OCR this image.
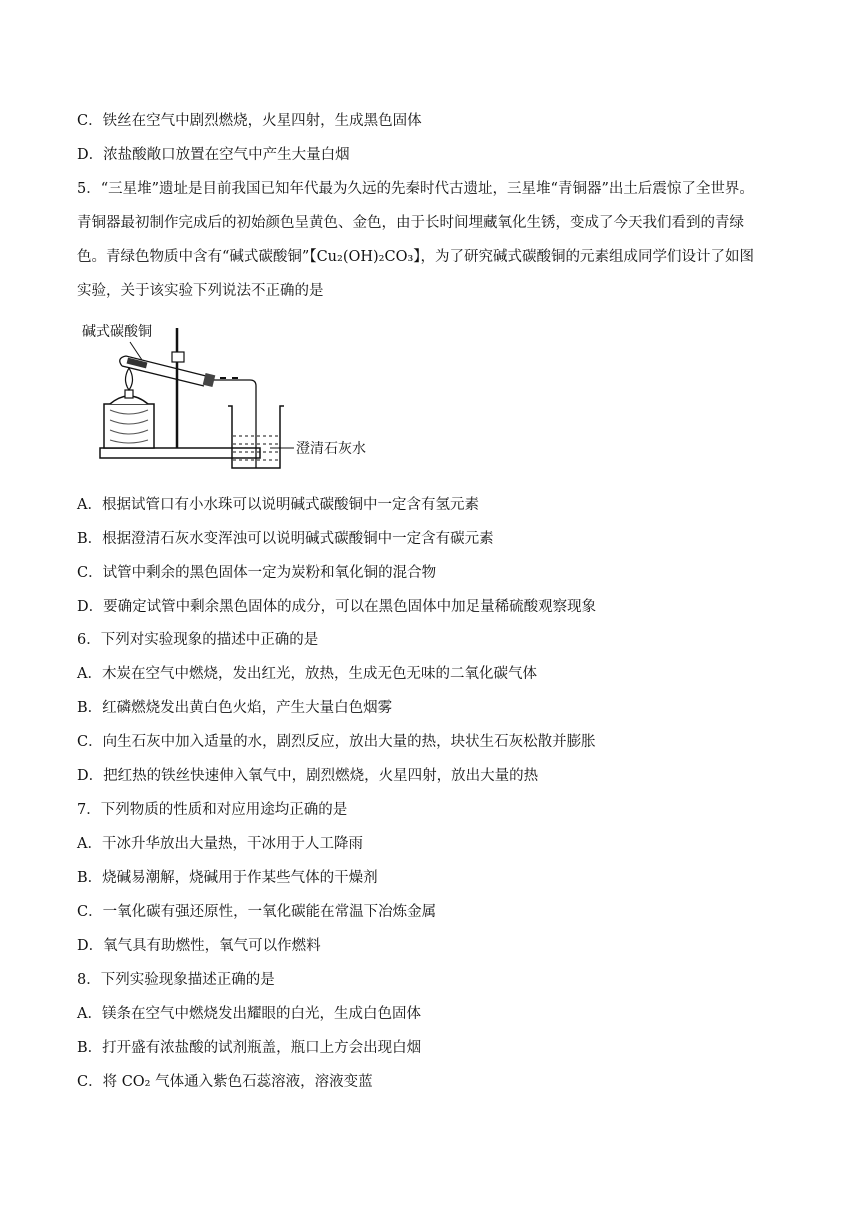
C．铁丝在空气中剧烈燃烧，火星四射，生成黑色固体
D．浓盐酸敞口放置在空气中产生大量白烟
5．“三星堆”遗址是目前我国已知年代最为久远的先秦时代古遗址，三星堆“青铜器”出土后震惊了全世界。
青铜器最初制作完成后的初始颜色呈黄色、金色，由于长时间埋藏氧化生锈，变成了今天我们看到的青绿
色。青绿色物质中含有“碱式碳酸铜”【Cu₂(OH)₂CO₃】，为了研究碱式碳酸铜的元素组成同学们设计了如图
实验，关于该实验下列说法不正确的是
碱式碳酸铜
澄清石灰水
A．根据试管口有小水珠可以说明碱式碳酸铜中一定含有氢元素
B．根据澄清石灰水变浑浊可以说明碱式碳酸铜中一定含有碳元素
C．试管中剩余的黑色固体一定为炭粉和氧化铜的混合物
D．要确定试管中剩余黑色固体的成分，可以在黑色固体中加足量稀硫酸观察现象
6．下列对实验现象的描述中正确的是
A．木炭在空气中燃烧，发出红光，放热，生成无色无味的二氧化碳气体
B．红磷燃烧发出黄白色火焰，产生大量白色烟雾
C．向生石灰中加入适量的水，剧烈反应，放出大量的热，块状生石灰松散并膨胀
D．把红热的铁丝快速伸入氧气中，剧烈燃烧，火星四射，放出大量的热
7．下列物质的性质和对应用途均正确的是
A．干冰升华放出大量热，干冰用于人工降雨
B．烧碱易潮解，烧碱用于作某些气体的干燥剂
C．一氧化碳有强还原性，一氧化碳能在常温下冶炼金属
D．氧气具有助燃性，氧气可以作燃料
8．下列实验现象描述正确的是
A．镁条在空气中燃烧发出耀眼的白光，生成白色固体
B．打开盛有浓盐酸的试剂瓶盖，瓶口上方会出现白烟
C．将 CO₂ 气体通入紫色石蕊溶液，溶液变蓝
